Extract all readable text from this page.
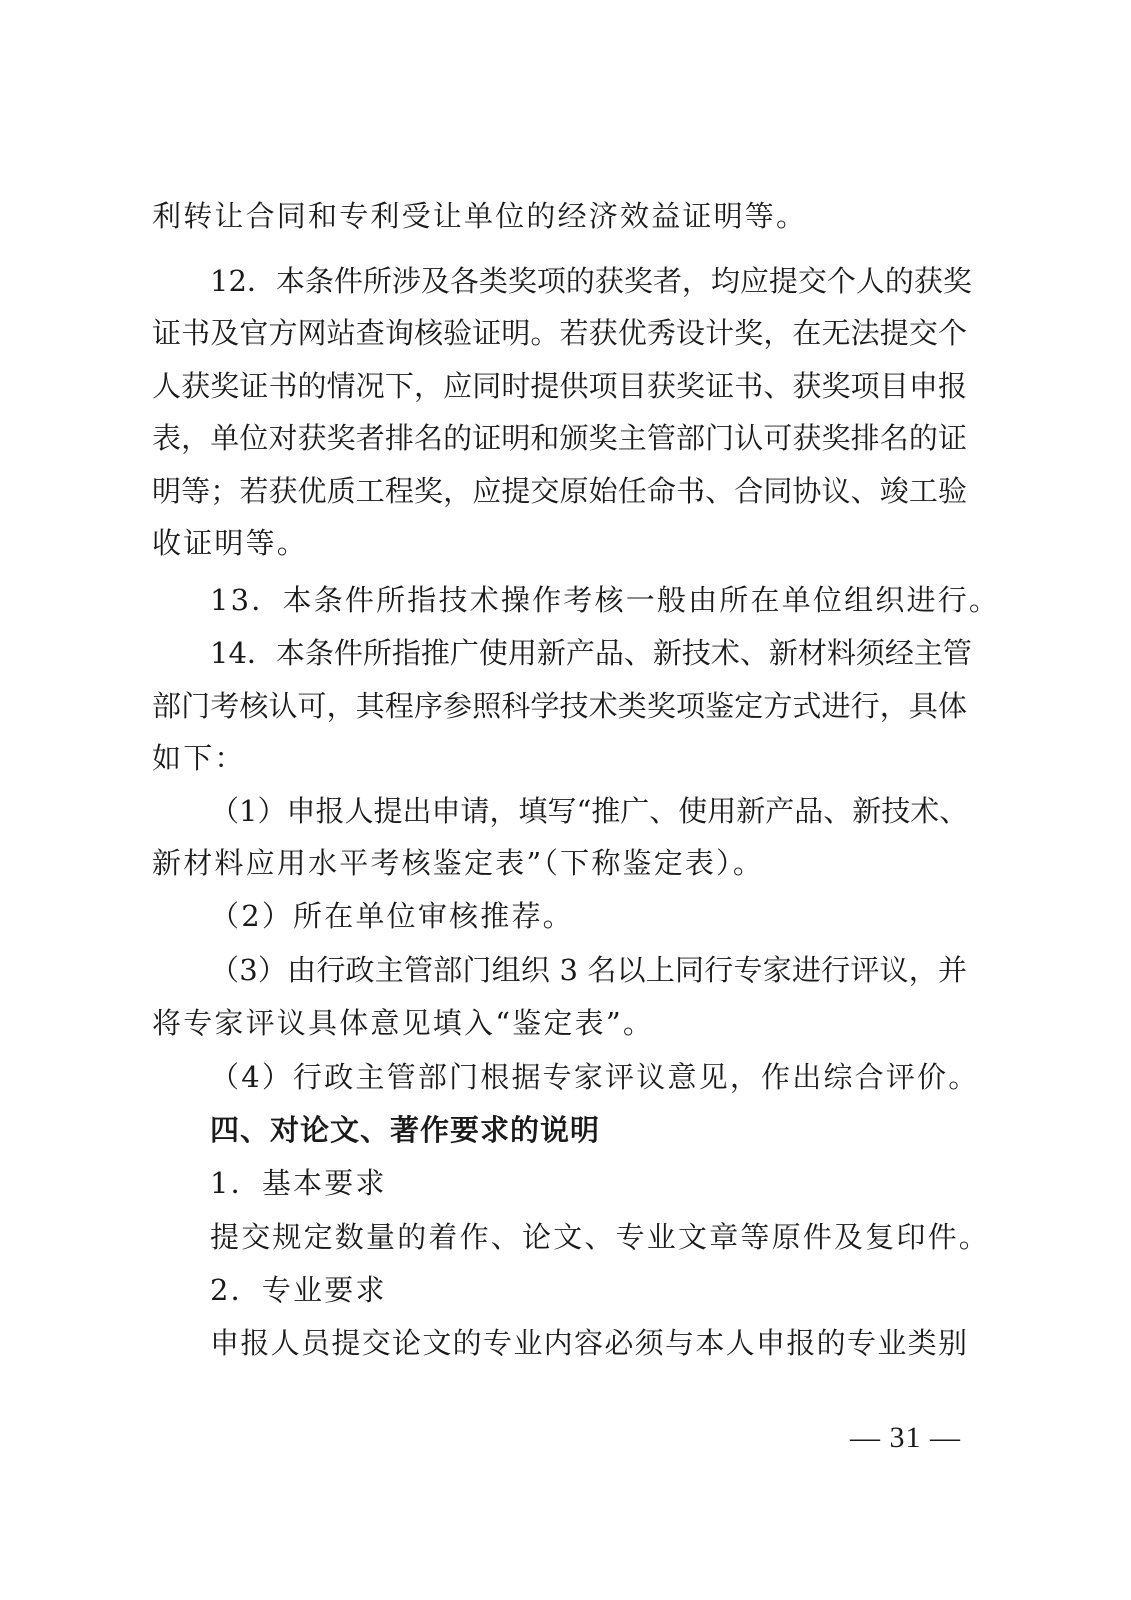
利转让合同和专利受让单位的经济效益证明等。
12．本条件所涉及各类奖项的获奖者，均应提交个人的获奖
证书及官方网站查询核验证明。若获优秀设计奖，在无法提交个
人获奖证书的情况下，应同时提供项目获奖证书、获奖项目申报
表，单位对获奖者排名的证明和颁奖主管部门认可获奖排名的证
明等；若获优质工程奖，应提交原始任命书、合同协议、竣工验
收证明等。
13．本条件所指技术操作考核一般由所在单位组织进行。
14．本条件所指推广使用新产品、新技术、新材料须经主管
部门考核认可，其程序参照科学技术类奖项鉴定方式进行，具体
如下：
（1）申报人提出申请，填写“推广、使用新产品、新技术、
新材料应用水平考核鉴定表”（下称鉴定表）。
（2）所在单位审核推荐。
（3）由行政主管部门组织 3 名以上同行专家进行评议，并
将专家评议具体意见填入“鉴定表”。
（4）行政主管部门根据专家评议意见，作出综合评价。
四、对论文、著作要求的说明
1．基本要求
提交规定数量的着作、论文、专业文章等原件及复印件。
2．专业要求
申报人员提交论文的专业内容必须与本人申报的专业类别
— 31 —
